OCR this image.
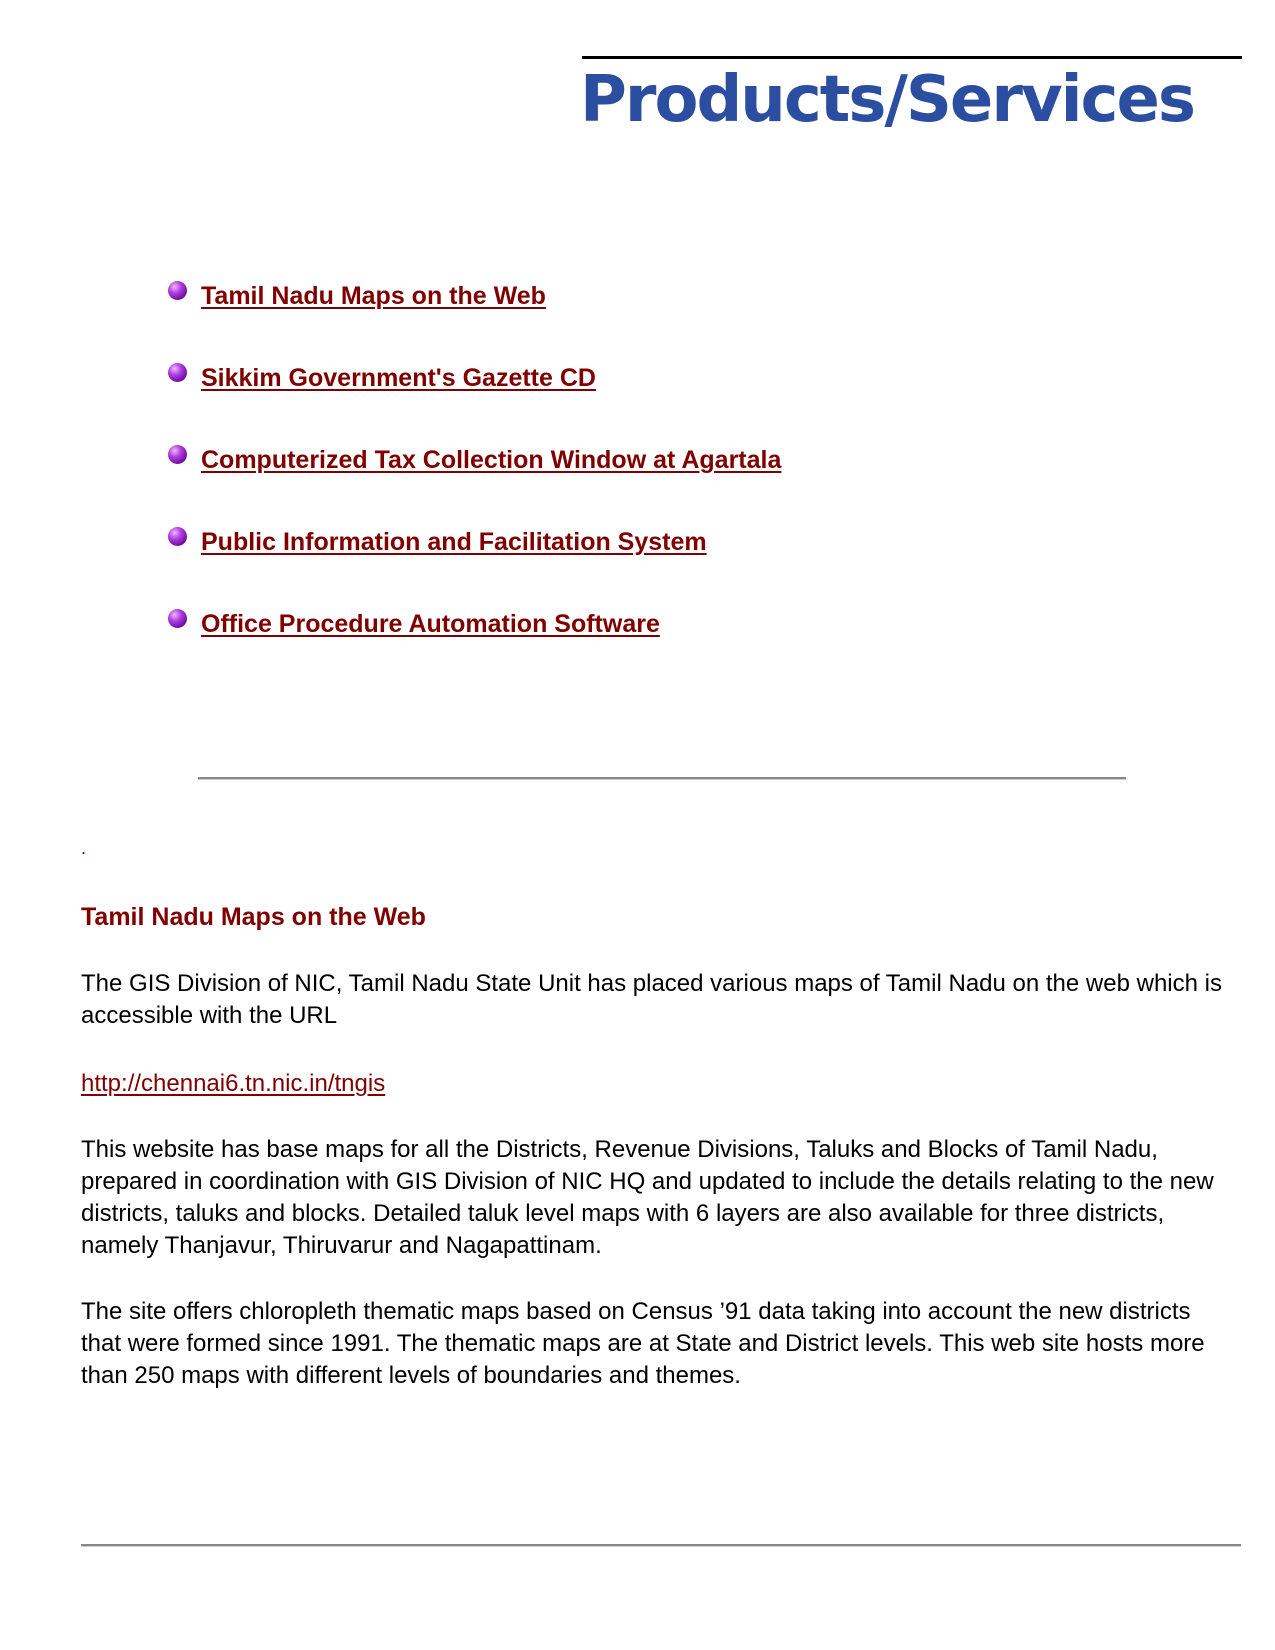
Products/Services
Tamil Nadu Maps on the Web
Sikkim Government's Gazette CD
Computerized Tax Collection Window at Agartala
Public Information and Facilitation System
Office Procedure Automation Software
.
Tamil Nadu Maps on the Web

The GIS Division of NIC, Tamil Nadu State Unit has placed various maps of Tamil Nadu on the web which is accessible with the URL

http://chennai6.tn.nic.in/tngis

This website has base maps for all the Districts, Revenue Divisions, Taluks and Blocks of Tamil Nadu, prepared in coordination with GIS Division of NIC HQ and updated to include the details relating to the new districts, taluks and blocks. Detailed taluk level maps with 6 layers are also available for three districts, namely Thanjavur, Thiruvarur and Nagapattinam.

The site offers chloropleth thematic maps based on Census ’91 data taking into account the new districts that were formed since 1991. The thematic maps are at State and District levels. This web site hosts more than 250 maps with different levels of boundaries and themes.
